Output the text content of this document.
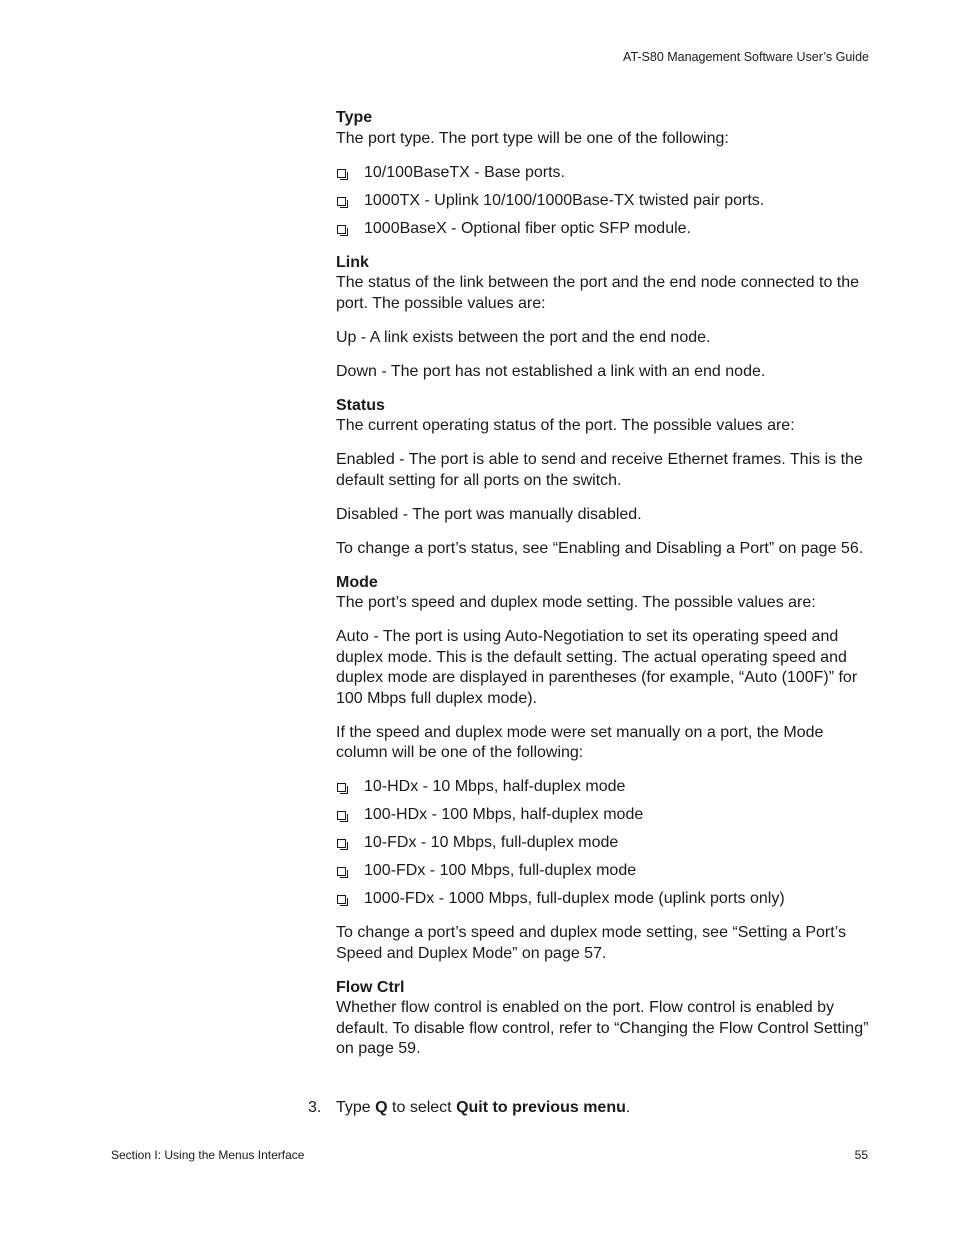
AT-S80 Management Software User’s Guide
Type

The port type. The port type will be one of the following:

10/100BaseTX - Base ports.
1000TX - Uplink 10/100/1000Base-TX twisted pair ports.
1000BaseX - Optional fiber optic SFP module.
Link

The status of the link between the port and the end node connected to the port. The possible values are:

Up - A link exists between the port and the end node.

Down - The port has not established a link with an end node.

Status

The current operating status of the port. The possible values are:

Enabled - The port is able to send and receive Ethernet frames. This is the default setting for all ports on the switch.

Disabled - The port was manually disabled.

To change a port’s status, see “Enabling and Disabling a Port” on page 56.

Mode

The port’s speed and duplex mode setting. The possible values are:

Auto - The port is using Auto-Negotiation to set its operating speed and duplex mode. This is the default setting. The actual operating speed and duplex mode are displayed in parentheses (for example, “Auto (100F)” for 100 Mbps full duplex mode).

If the speed and duplex mode were set manually on a port, the Mode column will be one of the following:

10-HDx - 10 Mbps, half-duplex mode
100-HDx - 100 Mbps, half-duplex mode
10-FDx - 10 Mbps, full-duplex mode
100-FDx - 100 Mbps, full-duplex mode
1000-FDx - 1000 Mbps, full-duplex mode (uplink ports only)

To change a port’s speed and duplex mode setting, see “Setting a Port’s Speed and Duplex Mode” on page 57.

Flow Ctrl

Whether flow control is enabled on the port. Flow control is enabled by default. To disable flow control, refer to “Changing the Flow Control Setting” on page 59.

3. Type Q to select Quit to previous menu.
Section I: Using the Menus Interface	55
